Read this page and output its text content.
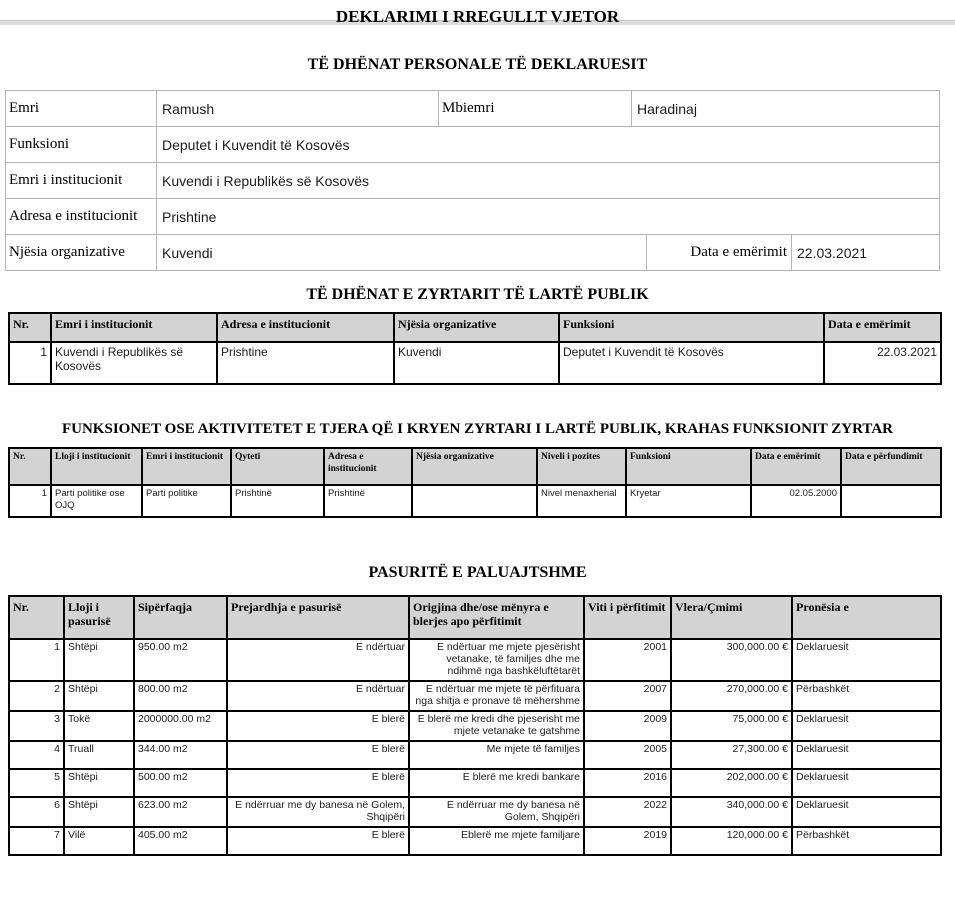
DEKLARIMI I RREGULLT VJETOR
TË DHËNAT PERSONALE TË DEKLARUESIT
Emri	Ramush	Mbiemri	Haradinaj
Funksioni	Deputet i Kuvendit të Kosovës
Emri i institucionit	Kuvendi i Republikës së Kosovës
Adresa e institucionit	Prishtine
Njësia organizative	Kuvendi	Data e emërimit 22.03.2021
TË DHËNAT E ZYRTARIT TË LARTË PUBLIK
Nr.	Emri i institucionit	Adresa e institucionit	Njësia organizative	Funksioni	Data e emërimit
1	Kuvendi i Republikës së Kosovës	Prishtine	Kuvendi	Deputet i Kuvendit të Kosovës	22.03.2021
FUNKSIONET OSE AKTIVITETET E TJERA QË I KRYEN ZYRTARI I LARTË PUBLIK, KRAHAS FUNKSIONIT ZYRTAR
Nr.	Lloji i institucionit	Emri i institucionit	Qyteti	Adresa e institucionit	Njësia organizative	Niveli i pozites	Funksioni	Data e emërimit	Data e përfundimit
1	Parti politike ose OJQ	Parti politike	Prishtinë	Prishtinë		Nivel menaxherial	Kryetar	02.05.2000	
PASURITË E PALUAJTSHME
Nr.	Lloji i pasurisë	Sipërfaqja	Prejardhja e pasurisë	Origjina dhe/ose mënyra e blerjes apo përfitimit	Viti i përfitimit	Vlera/Çmimi	Pronësia e
1	Shtëpi	950.00 m2	E ndërtuar	E ndërtuar me mjete pjesërisht vetanake, të familjes dhe me ndihmë nga bashkëluftëtarët	2001	300,000.00 €	Deklaruesit
2	Shtëpi	800.00 m2	E ndërtuar	E ndërtuar me mjete të përfituara nga shitja e pronave të mëhershme	2007	270,000.00 €	Përbashkët
3	Tokë	2000000.00 m2	E blerë	E blerë me kredi dhe pjeserisht me mjete vetanake te gatshme	2009	75,000.00 €	Deklaruesit
4	Truall	344.00 m2	E blerë	Me mjete të familjes	2005	27,300.00 €	Deklaruesit
5	Shtëpi	500.00 m2	E blerë	E blerë me kredi bankare	2016	202,000.00 €	Deklaruesit
6	Shtëpi	623.00 m2	E ndërruar me dy banesa në Golem, Shqipëri	E ndërruar me dy banesa në Golem, Shqipëri	2022	340,000.00 €	Deklaruesit
7	Vilë	405.00 m2	E blerë	Eblerë me mjete familjare	2019	120,000.00 €	Përbashkët
